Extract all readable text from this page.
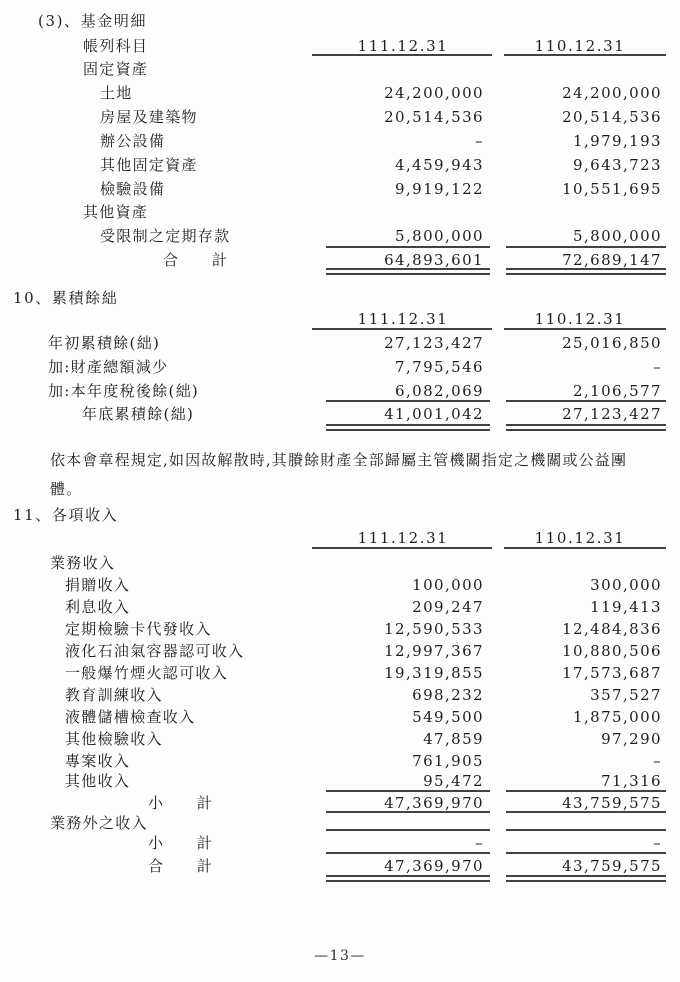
(3)、基金明細
帳列科目	111.12.31	110.12.31
固定資產
土地	24,200,000	24,200,000
房屋及建築物	20,514,536	20,514,536
辦公設備	–	1,979,193
其他固定資產	4,459,943	9,643,723
檢驗設備	9,919,122	10,551,695
其他資產
受限制之定期存款	5,800,000	5,800,000
合　　計	64,893,601	72,689,147
10、累積餘絀
111.12.31	110.12.31
年初累積餘(絀)	27,123,427	25,016,850
加:財產總額減少	7,795,546	–
加:本年度稅後餘(絀)	6,082,069	2,106,577
年底累積餘(絀)	41,001,042	27,123,427
依本會章程規定,如因故解散時,其賸餘財產全部歸屬主管機關指定之機關或公益團體。
11、各項收入
111.12.31	110.12.31
業務收入
捐贈收入	100,000	300,000
利息收入	209,247	119,413
定期檢驗卡代發收入	12,590,533	12,484,836
液化石油氣容器認可收入	12,997,367	10,880,506
一般爆竹煙火認可收入	19,319,855	17,573,687
教育訓練收入	698,232	357,527
液體儲槽檢查收入	549,500	1,875,000
其他檢驗收入	47,859	97,290
專案收入	761,905	–
其他收入	95,472	71,316
小　　計	47,369,970	43,759,575
業務外之收入
小　　計	–	–
合　　計	47,369,970	43,759,575
—13—
